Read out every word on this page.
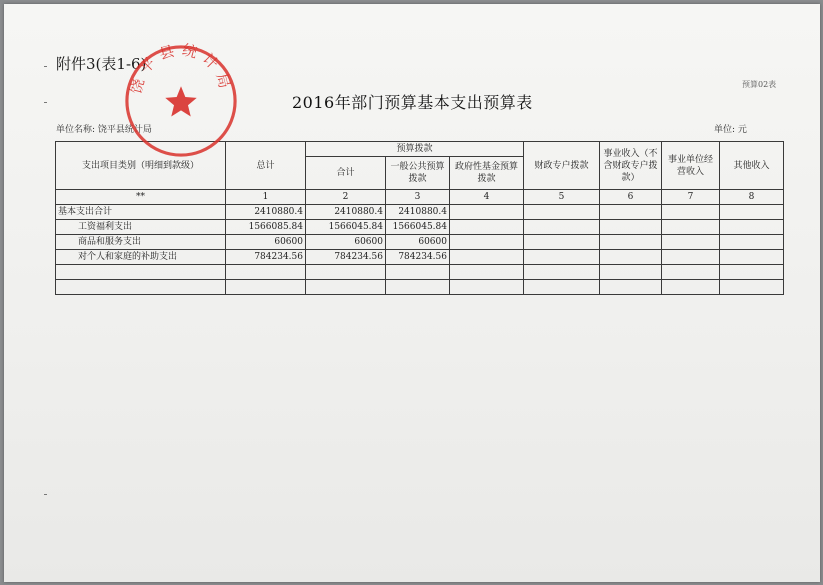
附件3(表1-6)
预算02表
2016年部门预算基本支出预算表
单位名称: 饶平县统计局	单位: 元
支出项目类别（明细到款级）	总计	预算拨款			财政专户拨款	事业收入（不含财政专户拨款）	事业单位经营收入	其他收入
		合计	一般公共预算拨款	政府性基金预算拨款				
**	1	2	3	4	5	6	7	8
基本支出合计	2410880.4	2410880.4	2410880.4					
工资福利支出	1566085.84	1566045.84	1566045.84					
商品和服务支出	60600	60600	60600					
对个人和家庭的补助支出	784234.56	784234.56	784234.56					

饶平县统计局
